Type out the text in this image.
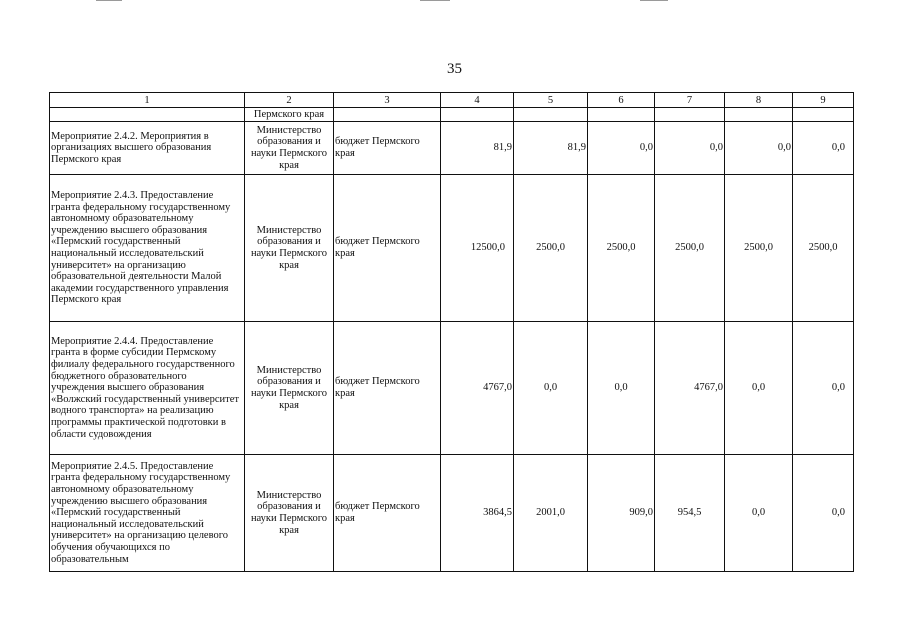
35
1	2	3	4	5	6	7	8	9
	Пермского края							
Мероприятие 2.4.2. Мероприятия в организациях высшего образования Пермского края	Министерство образования и науки Пермского края	бюджет Пермского края	81,9	81,9	0,0	0,0	0,0	0,0
Мероприятие 2.4.3. Предоставление гранта федеральному государственному автономному образовательному учреждению высшего образования «Пермский государственный национальный исследовательский университет» на организацию образовательной деятельности Малой академии государственного управления Пермского края	Министерство образования и науки Пермского края	бюджет Пермского края	12500,0	2500,0	2500,0	2500,0	2500,0	2500,0
Мероприятие 2.4.4. Предоставление гранта в форме субсидии Пермскому филиалу федерального государственного бюджетного образовательного учреждения высшего образования «Волжский государственный университет водного транспорта» на реализацию программы практической подготовки в области судовождения	Министерство образования и науки Пермского края	бюджет Пермского края	4767,0	0,0	0,0	4767,0	0,0	0,0
Мероприятие 2.4.5. Предоставление гранта федеральному государственному автономному образовательному учреждению высшего образования «Пермский государственный национальный исследовательский университет» на организацию целевого обучения обучающихся по образовательным	Министерство образования и науки Пермского края	бюджет Пермского края	3864,5	2001,0	909,0	954,5	0,0	0,0
